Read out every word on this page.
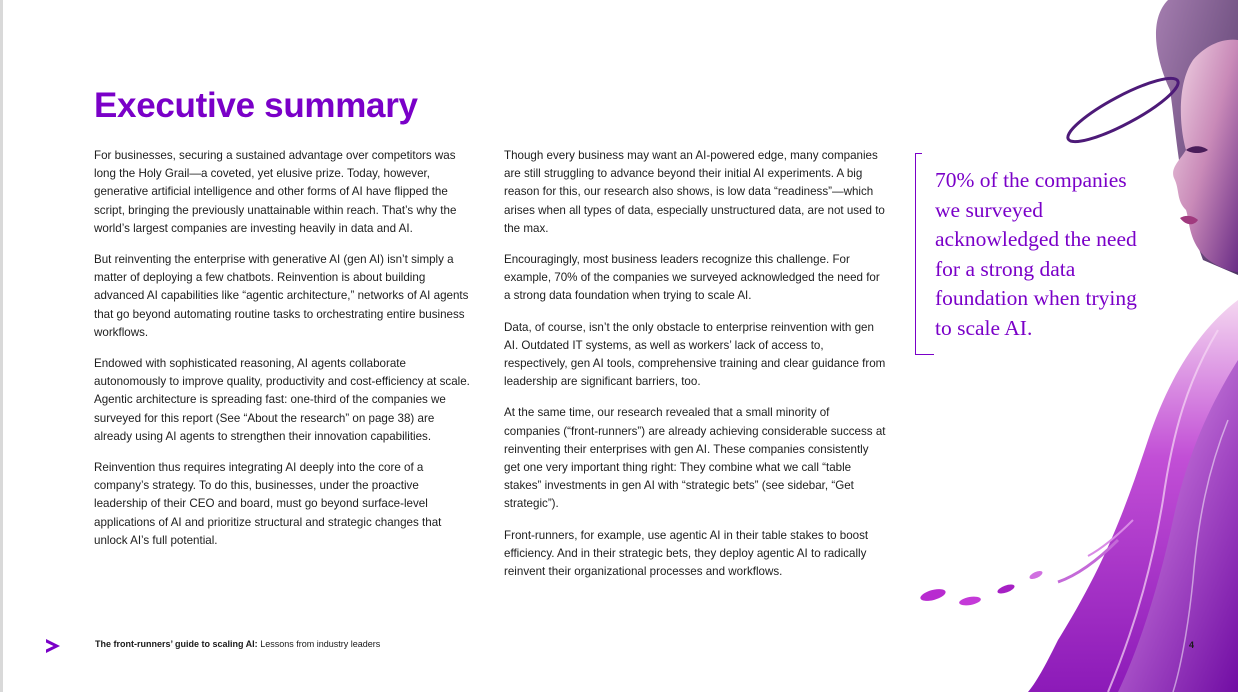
Executive summary

For businesses, securing a sustained advantage over competitors was long the Holy Grail—a coveted, yet elusive prize. Today, however, generative artificial intelligence and other forms of AI have flipped the script, bringing the previously unattainable within reach. That’s why the world’s largest companies are investing heavily in data and AI.

But reinventing the enterprise with generative AI (gen AI) isn’t simply a matter of deploying a few chatbots. Reinvention is about building advanced AI capabilities like “agentic architecture,” networks of AI agents that go beyond automating routine tasks to orchestrating entire business workflows.

Endowed with sophisticated reasoning, AI agents collaborate autonomously to improve quality, productivity and cost-efficiency at scale. Agentic architecture is spreading fast: one-third of the companies we surveyed for this report (See “About the research” on page 38) are already using AI agents to strengthen their innovation capabilities.

Reinvention thus requires integrating AI deeply into the core of a company’s strategy. To do this, businesses, under the proactive leadership of their CEO and board, must go beyond surface-level applications of AI and prioritize structural and strategic changes that unlock AI’s full potential.

Though every business may want an AI-powered edge, many companies are still struggling to advance beyond their initial AI experiments. A big reason for this, our research also shows, is low data “readiness”—which arises when all types of data, especially unstructured data, are not used to the max.

Encouragingly, most business leaders recognize this challenge. For example, 70% of the companies we surveyed acknowledged the need for a strong data foundation when trying to scale AI.

Data, of course, isn’t the only obstacle to enterprise reinvention with gen AI. Outdated IT systems, as well as workers’ lack of access to, respectively, gen AI tools, comprehensive training and clear guidance from leadership are significant barriers, too.

At the same time, our research revealed that a small minority of companies (“front-runners”) are already achieving considerable success at reinventing their enterprises with gen AI. These companies consistently get one very important thing right: They combine what we call “table stakes” investments in gen AI with “strategic bets” (see sidebar, “Get strategic”).

Front-runners, for example, use agentic AI in their table stakes to boost efficiency. And in their strategic bets, they deploy agentic AI to radically reinvent their organizational processes and workflows.

70% of the companies we surveyed acknowledged the need for a strong data foundation when trying to scale AI.
The front-runners’ guide to scaling AI: Lessons from industry leaders	4
